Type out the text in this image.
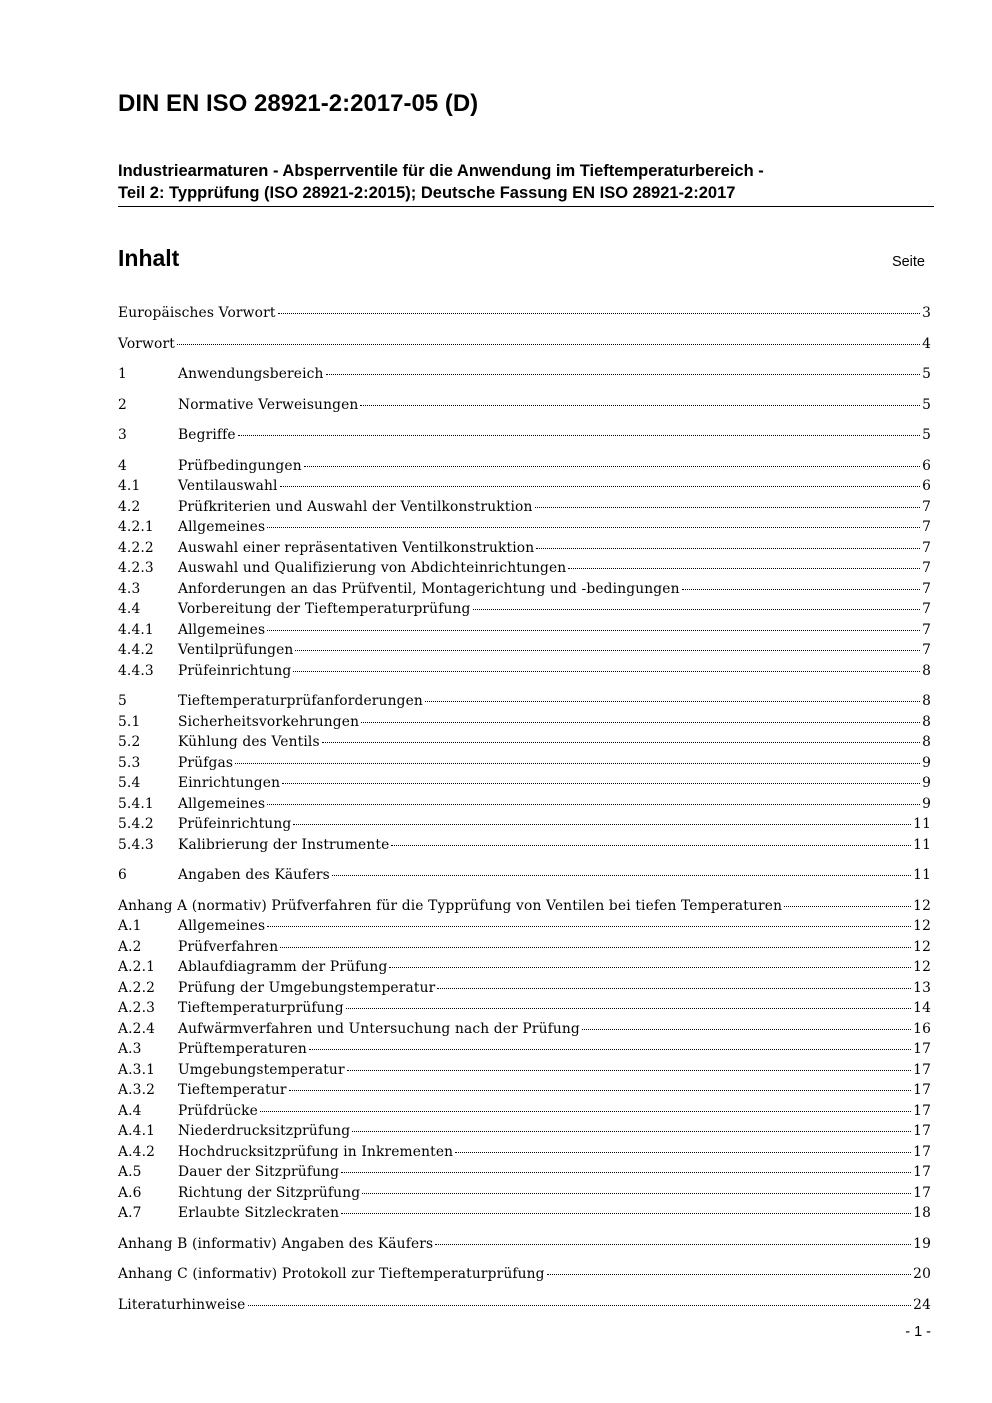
DIN EN ISO 28921-2:2017-05 (D)
Industriearmaturen - Absperrventile für die Anwendung im Tieftemperaturbereich -
Teil 2: Typprüfung (ISO 28921-2:2015); Deutsche Fassung EN ISO 28921-2:2017
Inhalt	Seite
Europäisches Vorwort	3
Vorwort	4
1	Anwendungsbereich	5
2	Normative Verweisungen	5
3	Begriffe	5
4	Prüfbedingungen	6
4.1	Ventilauswahl	6
4.2	Prüfkriterien und Auswahl der Ventilkonstruktion	7
4.2.1	Allgemeines	7
4.2.2	Auswahl einer repräsentativen Ventilkonstruktion	7
4.2.3	Auswahl und Qualifizierung von Abdichteinrichtungen	7
4.3	Anforderungen an das Prüfventil, Montagerichtung und -bedingungen	7
4.4	Vorbereitung der Tieftemperaturprüfung	7
4.4.1	Allgemeines	7
4.4.2	Ventilprüfungen	7
4.4.3	Prüfeinrichtung	8
5	Tieftemperaturprüfanforderungen	8
5.1	Sicherheitsvorkehrungen	8
5.2	Kühlung des Ventils	8
5.3	Prüfgas	9
5.4	Einrichtungen	9
5.4.1	Allgemeines	9
5.4.2	Prüfeinrichtung	11
5.4.3	Kalibrierung der Instrumente	11
6	Angaben des Käufers	11
Anhang A (normativ) Prüfverfahren für die Typprüfung von Ventilen bei tiefen Temperaturen	12
A.1	Allgemeines	12
A.2	Prüfverfahren	12
A.2.1	Ablaufdiagramm der Prüfung	12
A.2.2	Prüfung der Umgebungstemperatur	13
A.2.3	Tieftemperaturprüfung	14
A.2.4	Aufwärmverfahren und Untersuchung nach der Prüfung	16
A.3	Prüftemperaturen	17
A.3.1	Umgebungstemperatur	17
A.3.2	Tieftemperatur	17
A.4	Prüfdrücke	17
A.4.1	Niederdrucksitzprüfung	17
A.4.2	Hochdrucksitzprüfung in Inkrementen	17
A.5	Dauer der Sitzprüfung	17
A.6	Richtung der Sitzprüfung	17
A.7	Erlaubte Sitzleckraten	18
Anhang B (informativ) Angaben des Käufers	19
Anhang C (informativ) Protokoll zur Tieftemperaturprüfung	20
Literaturhinweise	24
- 1 -
